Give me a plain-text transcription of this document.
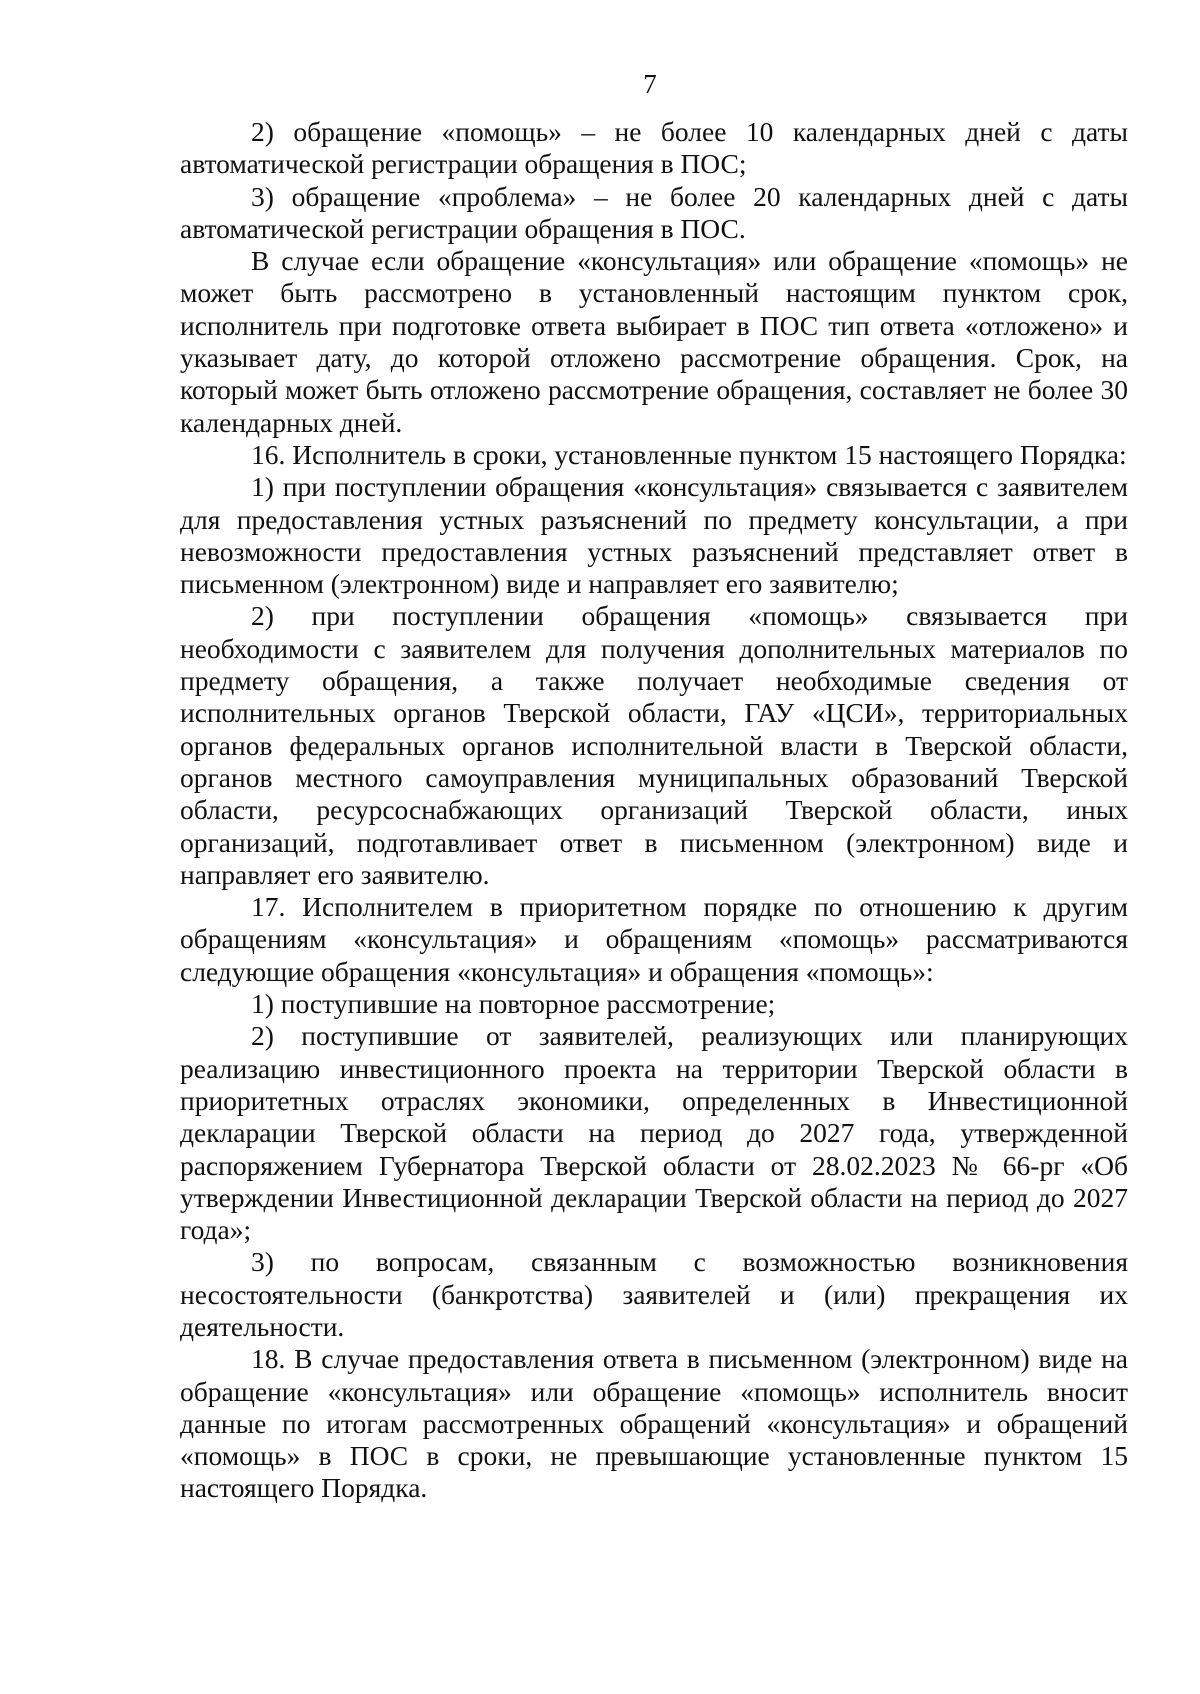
7

2) обращение «помощь» – не более 10 календарных дней с даты автоматической регистрации обращения в ПОС;

3) обращение «проблема» – не более 20 календарных дней с даты автоматической регистрации обращения в ПОС.

В случае если обращение «консультация» или обращение «помощь» не может быть рассмотрено в установленный настоящим пунктом срок, исполнитель при подготовке ответа выбирает в ПОС тип ответа «отложено» и указывает дату, до которой отложено рассмотрение обращения. Срок, на который может быть отложено рассмотрение обращения, составляет не более 30 календарных дней.

16. Исполнитель в сроки, установленные пунктом 15 настоящего Порядка:

1) при поступлении обращения «консультация» связывается с заявителем для предоставления устных разъяснений по предмету консультации, а при невозможности предоставления устных разъяснений представляет ответ в письменном (электронном) виде и направляет его заявителю;

2) при поступлении обращения «помощь» связывается при необходимости с заявителем для получения дополнительных материалов по предмету обращения, а также получает необходимые сведения от исполнительных органов Тверской области, ГАУ «ЦСИ», территориальных органов федеральных органов исполнительной власти в Тверской области, органов местного самоуправления муниципальных образований Тверской области, ресурсоснабжающих организаций Тверской области, иных организаций, подготавливает ответ в письменном (электронном) виде и направляет его заявителю.

17. Исполнителем в приоритетном порядке по отношению к другим обращениям «консультация» и обращениям «помощь» рассматриваются следующие обращения «консультация» и обращения «помощь»:

1) поступившие на повторное рассмотрение;

2) поступившие от заявителей, реализующих или планирующих реализацию инвестиционного проекта на территории Тверской области в приоритетных отраслях экономики, определенных в Инвестиционной декларации Тверской области на период до 2027 года, утвержденной распоряжением Губернатора Тверской области от 28.02.2023 № 66-рг «Об утверждении Инвестиционной декларации Тверской области на период до 2027 года»;

3) по вопросам, связанным с возможностью возникновения несостоятельности (банкротства) заявителей и (или) прекращения их деятельности.

18. В случае предоставления ответа в письменном (электронном) виде на обращение «консультация» или обращение «помощь» исполнитель вносит данные по итогам рассмотренных обращений «консультация» и обращений «помощь» в ПОС в сроки, не превышающие установленные пунктом 15 настоящего Порядка.
